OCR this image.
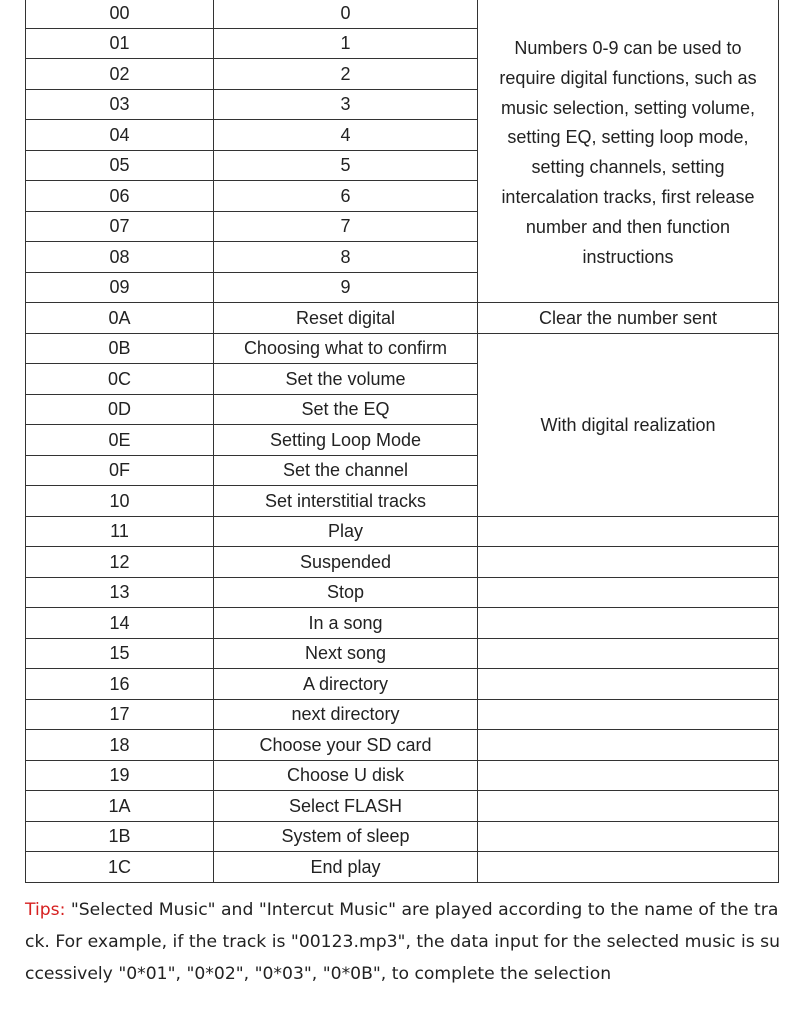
00	0	Numbers 0-9 can be used to require digital functions, such as music selection, setting volume, setting EQ, setting loop mode, setting channels, setting intercalation tracks, first release number and then function instructions
01	1	
02	2	
03	3	
04	4	
05	5	
06	6	
07	7	
08	8	
09	9	
0A	Reset digital	Clear the number sent
0B	Choosing what to confirm	With digital realization
0C	Set the volume	
0D	Set the EQ	
0E	Setting Loop Mode	
0F	Set the channel	
10	Set interstitial tracks	
11	Play	
12	Suspended	
13	Stop	
14	In a song	
15	Next song	
16	A directory	
17	next directory	
18	Choose your SD card	
19	Choose U disk	
1A	Select FLASH	
1B	System of sleep	
1C	End play	
Tips: "Selected Music" and "Intercut Music" are played according to the name of the track. For example, if the track is "00123.mp3", the data input for the selected music is successively "0*01", "0*02", "0*03", "0*0B", to complete the selection
